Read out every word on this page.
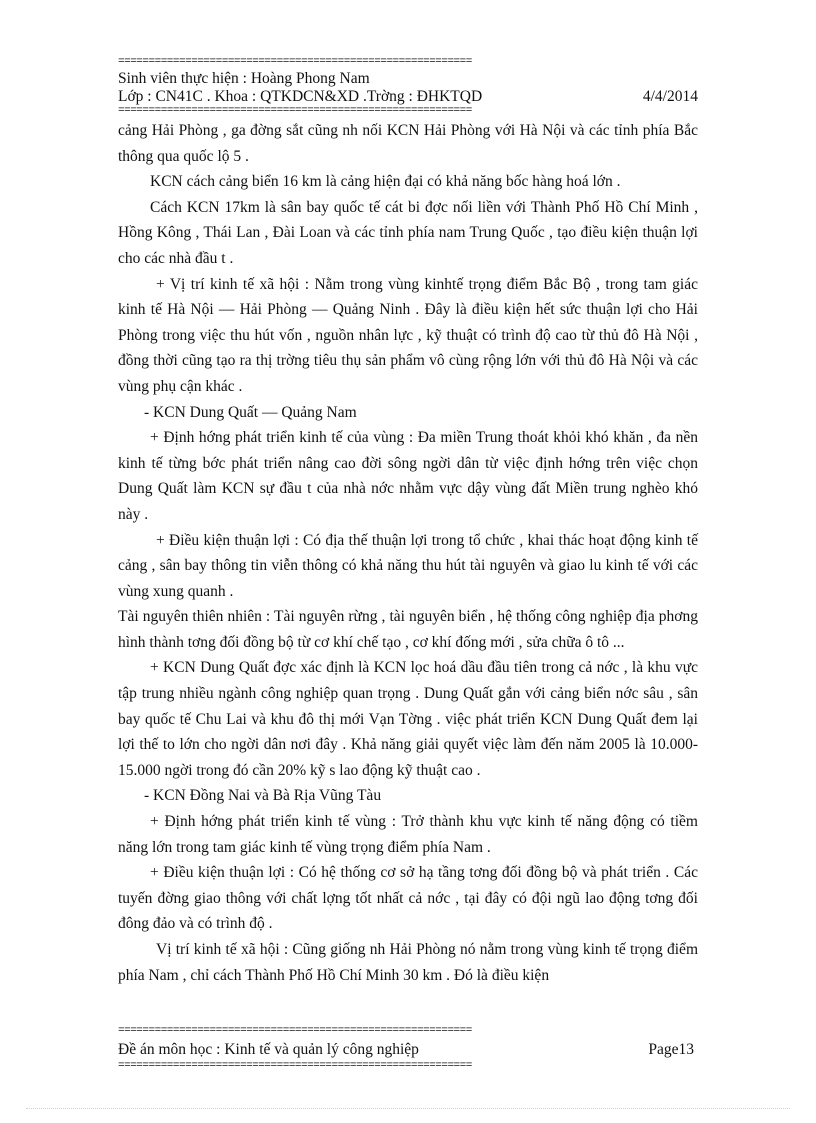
==========================================================
Sinh viên thực hiện : Hoàng Phong Nam
Lớp : CN41C . Khoa : QTKDCN&XD .Trờng : ĐHKTQD	4/4/2014
==========================================================

cảng Hải Phòng , ga đờng sắt cũng nh nối KCN Hải Phòng với Hà Nội và các tỉnh phía Bắc thông qua quốc lộ 5 .

KCN cách cảng biển 16 km là cảng hiện đại có khả năng bốc hàng hoá lớn .

Cách KCN 17km là sân bay quốc tế cát bi đợc nối liền với Thành Phố Hồ Chí Minh , Hồng Kông , Thái Lan , Đài Loan và các tỉnh phía nam Trung Quốc , tạo điều kiện thuận lợi cho các nhà đầu t .

+ Vị trí kinh tế xã hội : Nằm trong vùng kinhtế trọng điểm Bắc Bộ , trong tam giác kinh tế Hà Nội — Hải Phòng — Quảng Ninh . Đây là điều kiện hết sức thuận lợi cho Hải Phòng trong việc thu hút vốn , nguồn nhân lực , kỹ thuật có trình độ cao từ thủ đô Hà Nội , đồng thời cũng tạo ra thị trờng tiêu thụ sản phẩm vô cùng rộng lớn với thủ đô Hà Nội và các vùng phụ cận khác .

- KCN Dung Quất — Quảng Nam

+ Định hớng phát triển kinh tế của vùng : Đa miền Trung thoát khỏi khó khăn , đa nền kinh tế từng bớc phát triển nâng cao đời sông ngời dân từ việc định hớng trên việc chọn Dung Quất làm KCN sự đầu t của nhà nớc nhằm vực dậy vùng đất Miền trung nghèo khó này .

+ Điều kiện thuận lợi : Có địa thế thuận lợi trong tổ chức , khai thác hoạt động kinh tế cảng , sân bay thông tin viễn thông có khả năng thu hút tài nguyên và giao lu kinh tế với các vùng xung quanh .

Tài nguyên thiên nhiên : Tài nguyên rừng , tài nguyên biển , hệ thống công nghiệp địa phơng hình thành tơng đối đồng bộ từ cơ khí chế tạo , cơ khí đống mới , sửa chữa ô tô ...

+ KCN Dung Quất đợc xác định là KCN lọc hoá dầu đầu tiên trong cả nớc , là khu vực tập trung nhiều ngành công nghiệp quan trọng . Dung Quất gắn với cảng biển nớc sâu , sân bay quốc tế Chu Lai và khu đô thị mới Vạn Tờng . việc phát triển KCN Dung Quất đem lại lợi thế to lớn cho ngời dân nơi đây . Khả năng giải quyết việc làm đến năm 2005 là 10.000-15.000 ngời trong đó cần 20% kỹ s lao động kỹ thuật cao .

- KCN Đồng Nai và Bà Rịa Vũng Tàu

+ Định hớng phát triển kinh tế vùng : Trở thành khu vực kinh tế năng động có tiềm năng lớn trong tam giác kinh tế vùng trọng điểm phía Nam .

+ Điều kiện thuận lợi : Có hệ thống cơ sở hạ tầng tơng đối đồng bộ và phát triển . Các tuyến đờng giao thông với chất lợng tốt nhất cả nớc , tại đây có đội ngũ lao động tơng đối đông đảo và có trình độ .

Vị trí kinh tế xã hội : Cũng giống nh Hải Phòng nó nằm trong vùng kinh tế trọng điểm phía Nam , chỉ cách Thành Phố Hồ Chí Minh 30 km . Đó là điều kiện

==========================================================
Đề án môn học : Kinh tế và quản lý công nghiệp	Page13
==========================================================
